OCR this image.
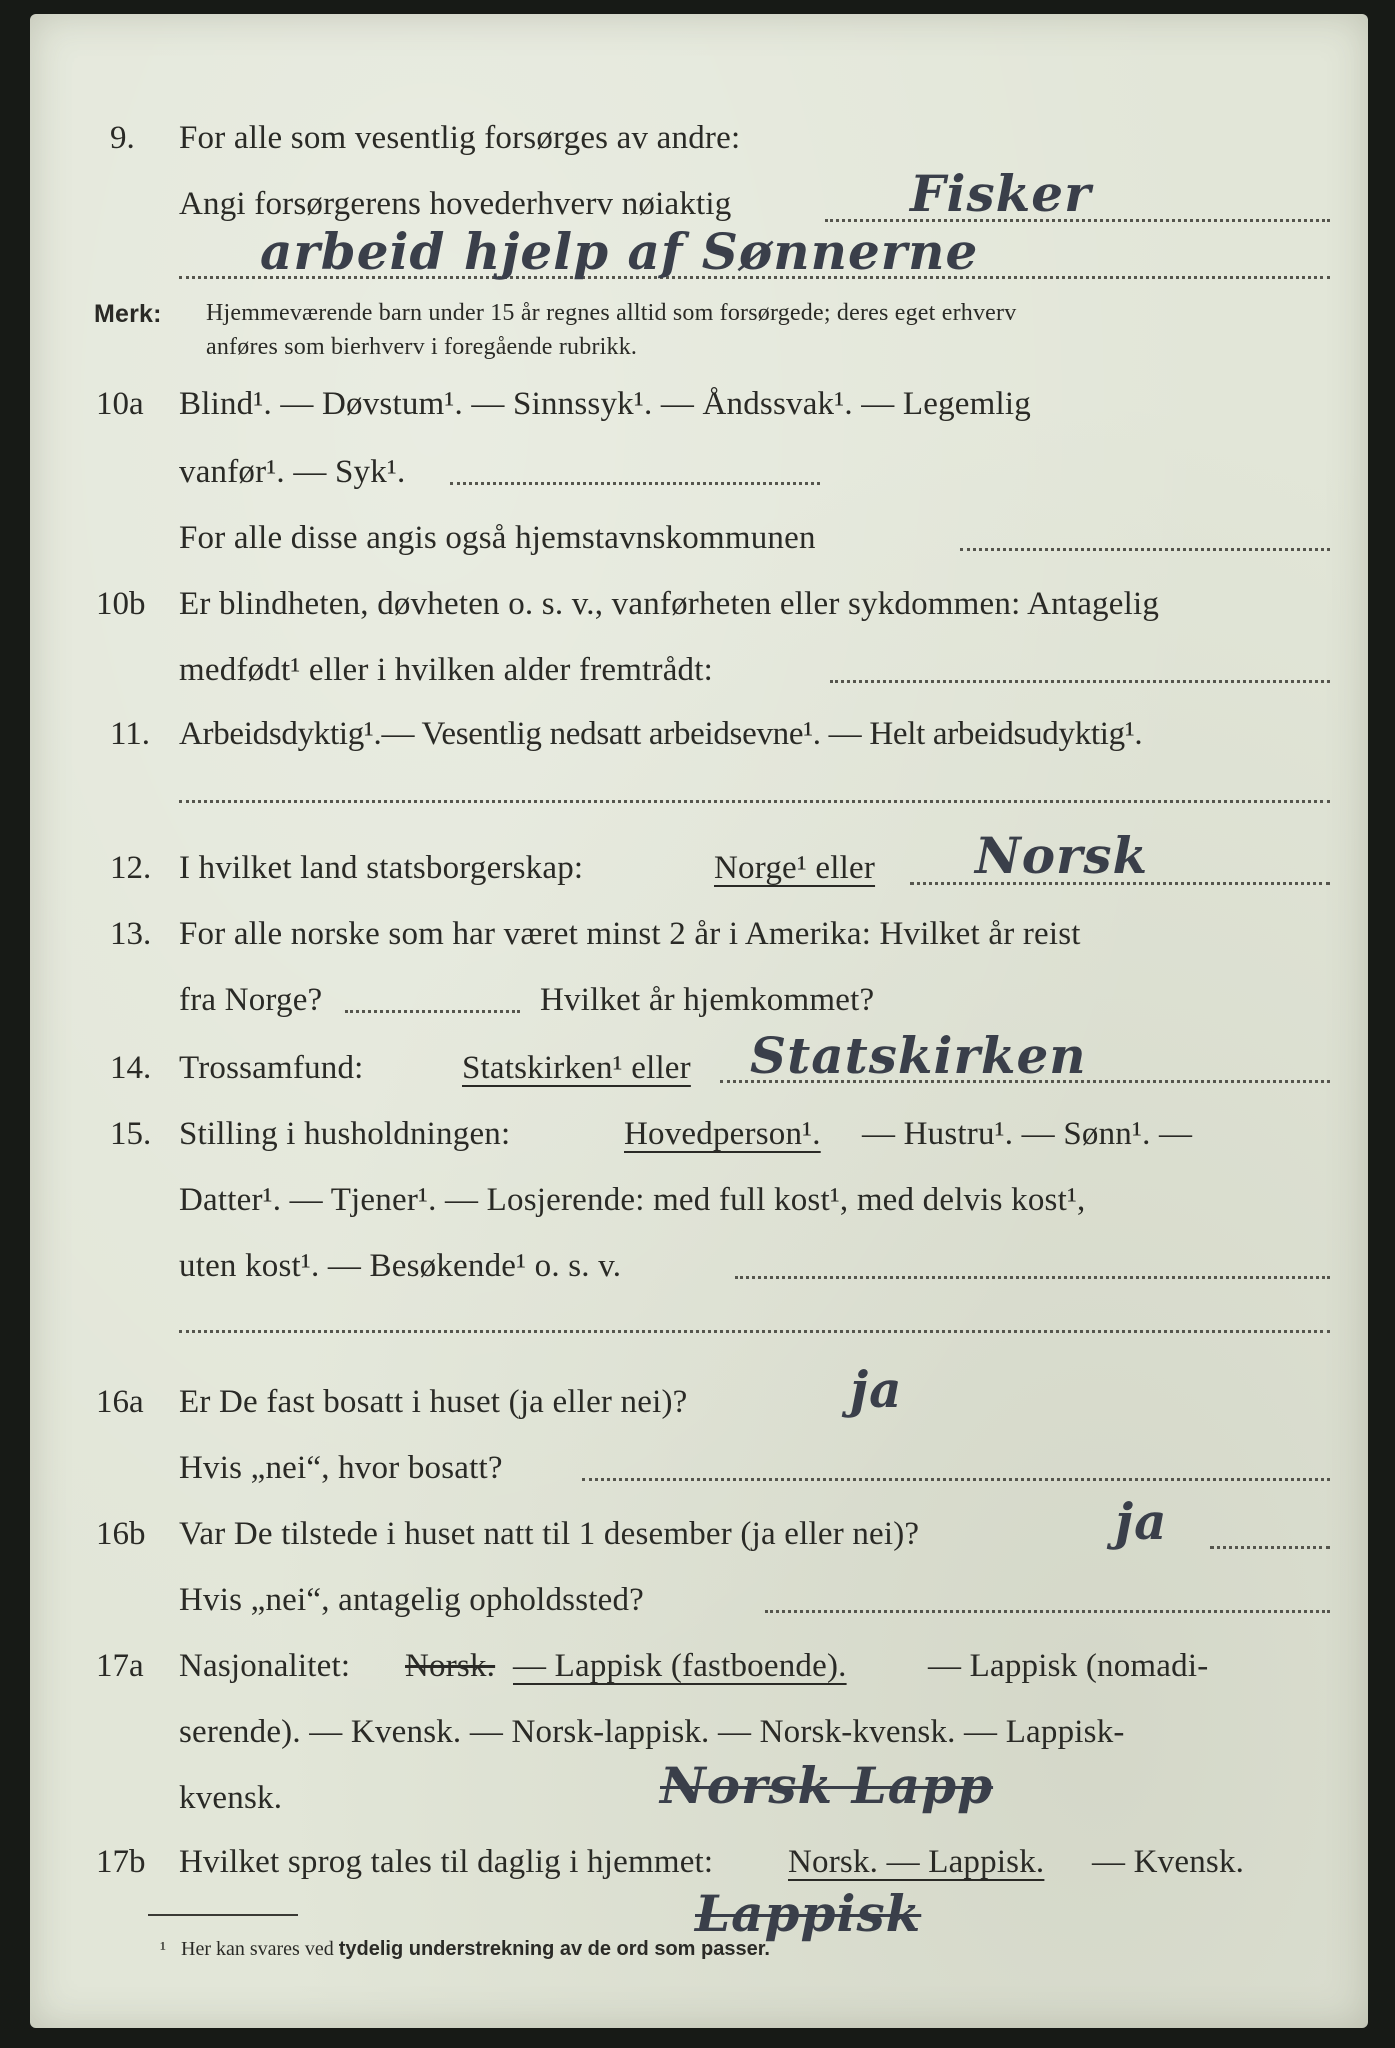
9. For alle som vesentlig forsørges av andre:
Angi forsørgerens hovederhverv nøiaktig	Fisker
arbeid hjelp af Sønnerne
Merk: Hjemmeværende barn under 15 år regnes alltid som forsørgede; deres eget erhverv
anføres som bierhverv i foregående rubrikk.
10a Blind¹. — Døvstum¹. — Sinnssyk¹. — Åndssvak¹. — Legemlig
vanfør¹. — Syk¹.
For alle disse angis også hjemstavnskommunen
10b Er blindheten, døvheten o. s. v., vanførheten eller sykdommen: Antagelig
medfødt¹ eller i hvilken alder fremtrådt:
11. Arbeidsdyktig¹.— Vesentlig nedsatt arbeidsevne¹. — Helt arbeidsudyktig¹.
12. I hvilket land statsborgerskap:	Norge¹ eller Norsk
13. For alle norske som har været minst 2 år i Amerika: Hvilket år reist
fra Norge?	Hvilket år hjemkommet?
14. Trossamfund:	Statskirken¹ eller Statskirken
15. Stilling i husholdningen:	Hovedperson¹. — Hustru¹. — Sønn¹. —
Datter¹. — Tjener¹. — Losjerende: med full kost¹, med delvis kost¹,
uten kost¹. — Besøkende¹ o. s. v.
16a Er De fast bosatt i huset (ja eller nei)?	ja
Hvis „nei“, hvor bosatt?
16b Var De tilstede i huset natt til 1 desember (ja eller nei)?	ja
Hvis „nei“, antagelig opholdssted?
17a Nasjonalitet: Norsk. — Lappisk (fastboende). — Lappisk (nomadi-
serende). — Kvensk. — Norsk-lappisk. — Norsk-kvensk. — Lappisk-
kvensk.	Norsk Lapp
17b Hvilket sprog tales til daglig i hjemmet: Norsk. — Lappisk. — Kvensk.
Lappisk
¹ Her kan svares ved tydelig understrekning av de ord som passer.
